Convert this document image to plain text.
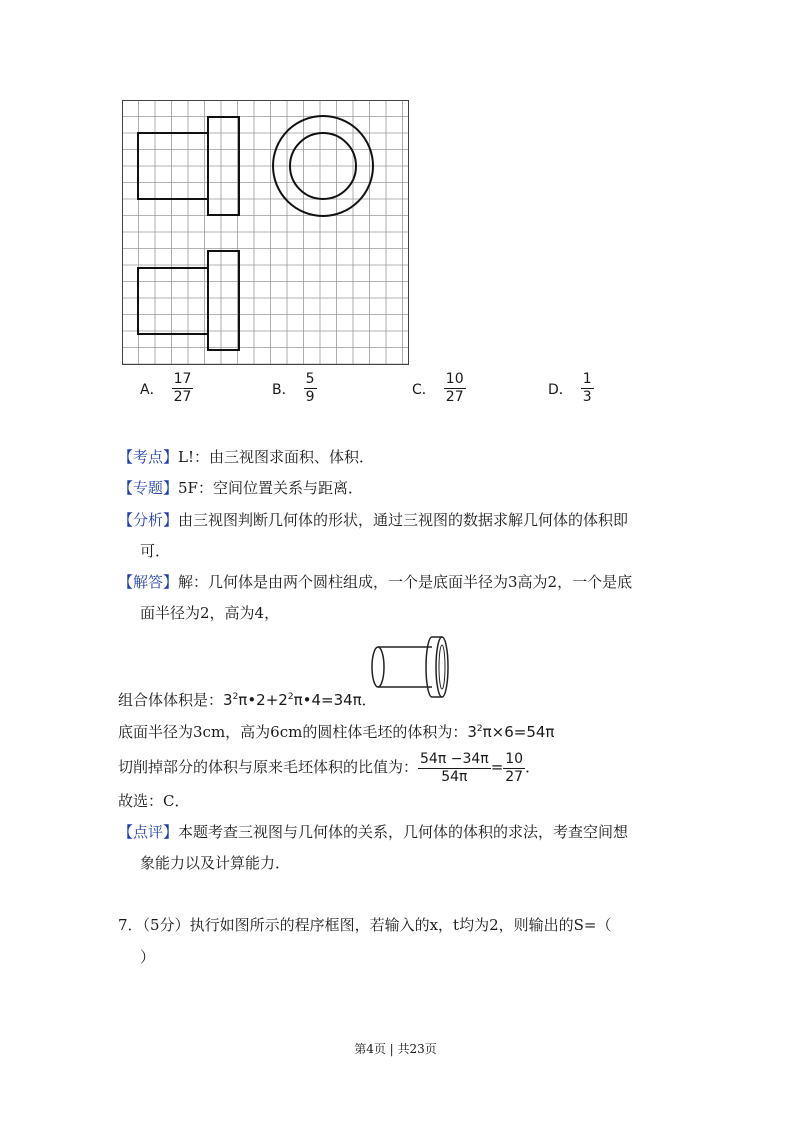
A． $\frac{17}{27}$	B． $\frac{5}{9}$	C． $\frac{10}{27}$	D． $\frac{1}{3}$
【考点】L!：由三视图求面积、体积．
【专题】5F：空间位置关系与距离．
【分析】由三视图判断几何体的形状，通过三视图的数据求解几何体的体积即
可．
【解答】解：几何体是由两个圆柱组成，一个是底面半径为3高为2，一个是底
面半径为2，高为4，
组合体体积是：$3^2\pi•2+2^2\pi•4=34\pi$．
底面半径为3cm，高为6cm的圆柱体毛坯的体积为：$3^2\pi\times 6=54\pi$
切削掉部分的体积与原来毛坯体积的比值为： $\frac{54\pi -34\pi}{54\pi} = \frac{10}{27}$ ．
故选：C．
【点评】本题考查三视图与几何体的关系，几何体的体积的求法，考查空间想
象能力以及计算能力．
7．（5分）执行如图所示的程序框图，若输入的x，t均为2，则输出的S=（
）
第4页 | 共23页
